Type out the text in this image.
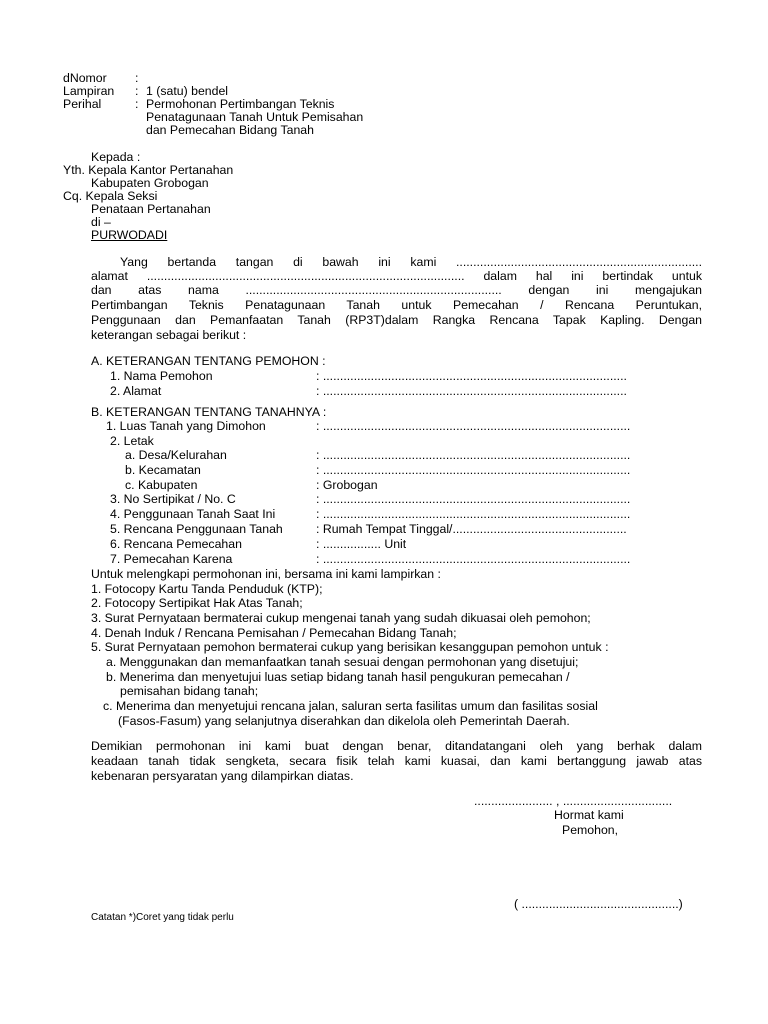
dNomor :
Lampiran : 1 (satu) bendel
Perihal	: Permohonan Pertimbangan Teknis
Penatagunaan Tanah Untuk Pemisahan
dan Pemecahan Bidang Tanah
Kepada :
Yth. Kepala Kantor Pertanahan
Kabupaten Grobogan
Cq. Kepala Seksi
Penataan Pertanahan
di –
PURWODADI
Yang bertanda tangan di bawah ini kami ........................................................................
alamat ............................................................................................. dalam hal ini bertindak untuk
dan atas nama ........................................................................... dengan ini mengajukan
Pertimbangan Teknis Penatagunaan Tanah untuk Pemecahan / Rencana Peruntukan,
Penggunaan dan Pemanfaatan Tanah (RP3T)dalam Rangka Rencana Tapak Kapling. Dengan
keterangan sebagai berikut :
A. KETERANGAN TENTANG PEMOHON :
1. Nama Pemohon	: .........................................................................................
2. Alamat	: .........................................................................................
B. KETERANGAN TENTANG TANAHNYA :
1. Luas Tanah yang Dimohon	: ..........................................................................................
2. Letak
a. Desa/Kelurahan	: ..........................................................................................
b. Kecamatan	: ..........................................................................................
c. Kabupaten	: Grobogan
3. No Sertipikat / No. C	: ..........................................................................................
4. Penggunaan Tanah Saat Ini	: ..........................................................................................
5. Rencana Penggunaan Tanah	: Rumah Tempat Tinggal/...................................................
6. Rencana Pemecahan	: ................. Unit
7. Pemecahan Karena	: ..........................................................................................
Untuk melengkapi permohonan ini, bersama ini kami lampirkan :
1. Fotocopy Kartu Tanda Penduduk (KTP);
2. Fotocopy Sertipikat Hak Atas Tanah;
3. Surat Pernyataan bermaterai cukup mengenai tanah yang sudah dikuasai oleh pemohon;
4. Denah Induk / Rencana Pemisahan / Pemecahan Bidang Tanah;
5. Surat Pernyataan pemohon bermaterai cukup yang berisikan kesanggupan pemohon untuk :
a. Menggunakan dan memanfaatkan tanah sesuai dengan permohonan yang disetujui;
b. Menerima dan menyetujui luas setiap bidang tanah hasil pengukuran pemecahan /
pemisahan bidang tanah;
c. Menerima dan menyetujui rencana jalan, saluran serta fasilitas umum dan fasilitas sosial
(Fasos-Fasum) yang selanjutnya diserahkan dan dikelola oleh Pemerintah Daerah.
Demikian permohonan ini kami buat dengan benar, ditandatangani oleh yang berhak dalam
keadaan tanah tidak sengketa, secara fisik telah kami kuasai, dan kami bertanggung jawab atas
kebenaran persyaratan yang dilampirkan diatas.
....................... , ................................
Hormat kami
Pemohon,
( ..............................................)
Catatan *)Coret yang tidak perlu
